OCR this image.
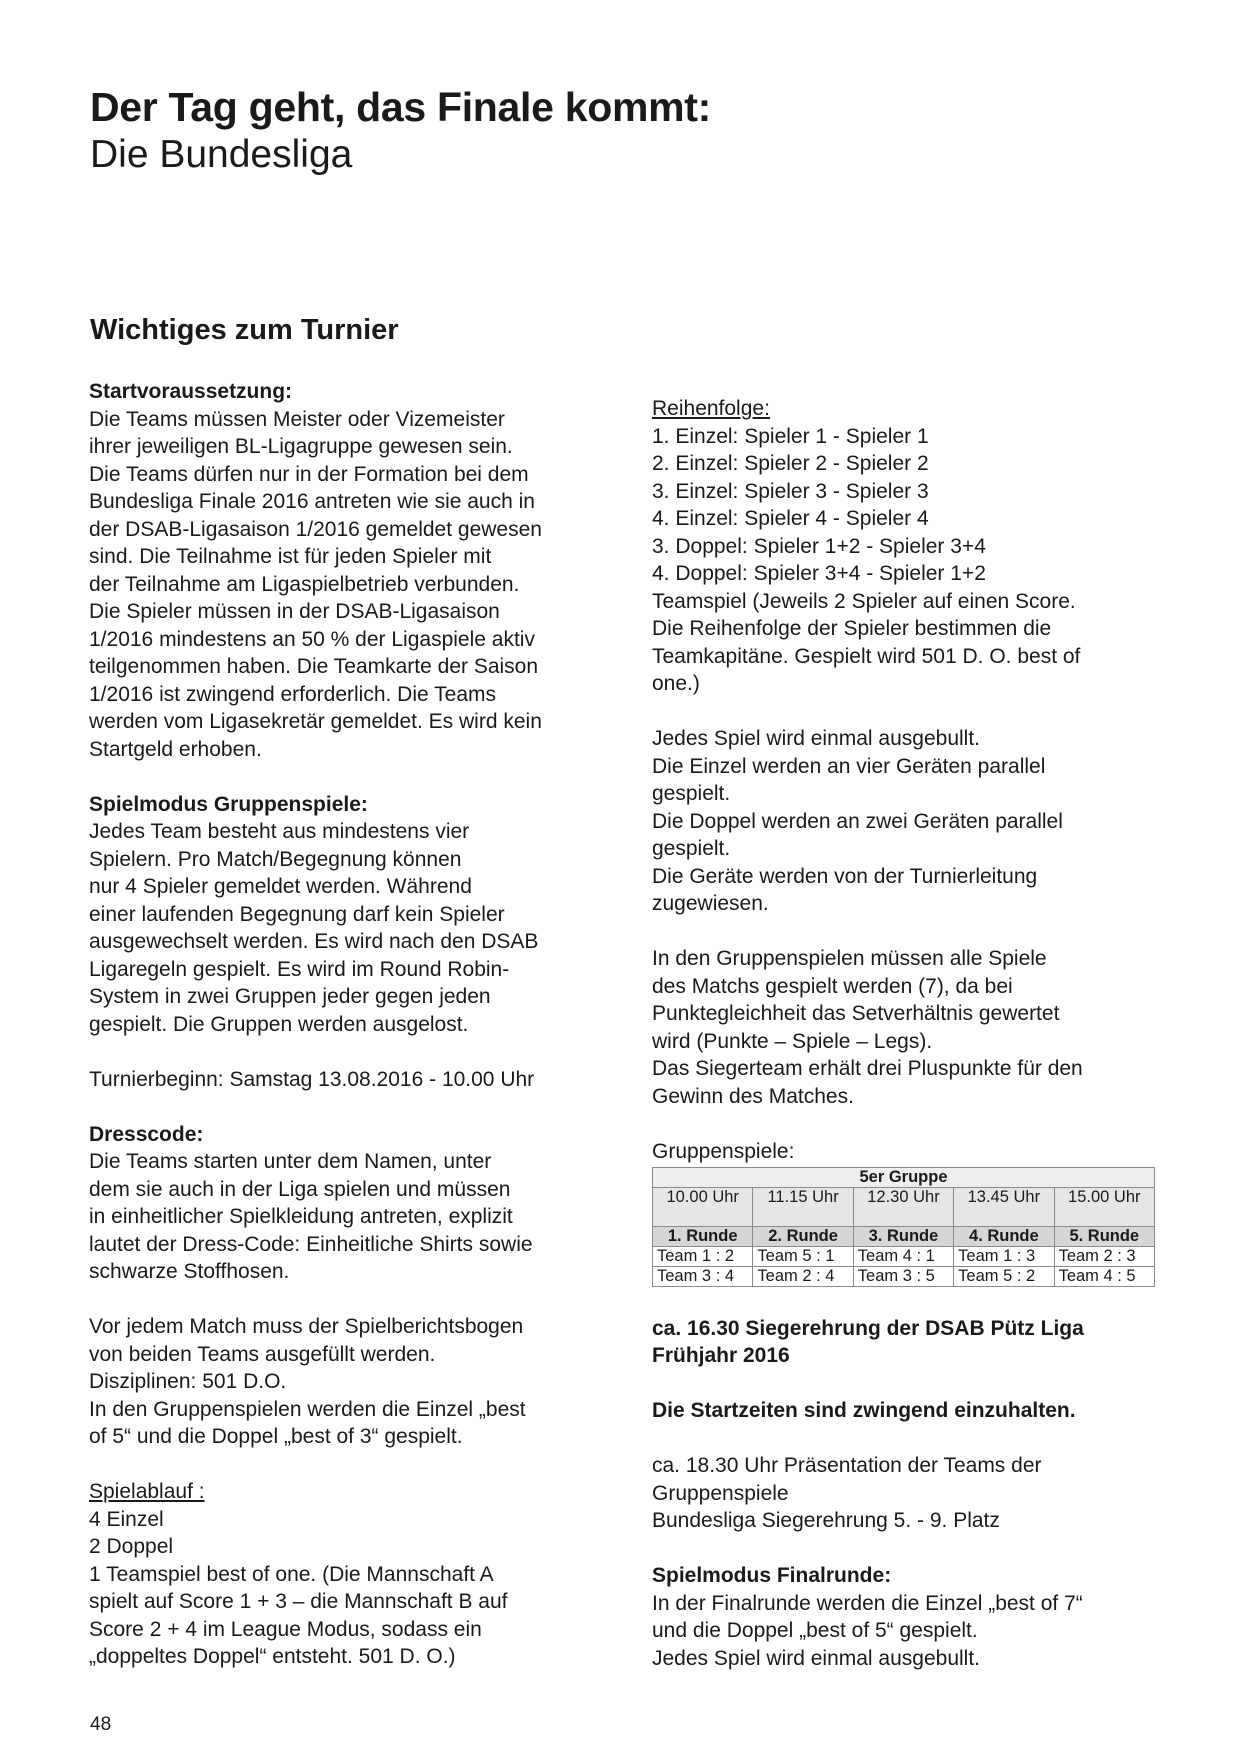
Der Tag geht, das Finale kommt:
Die Bundesliga
Wichtiges zum Turnier
Startvoraussetzung:
Die Teams müssen Meister oder Vizemeister
ihrer jeweiligen BL-Ligagruppe gewesen sein.
Die Teams dürfen nur in der Formation bei dem
Bundesliga Finale 2016 antreten wie sie auch in
der DSAB-Ligasaison 1/2016 gemeldet gewesen
sind. Die Teilnahme ist für jeden Spieler mit
der Teilnahme am Ligaspielbetrieb verbunden.
Die Spieler müssen in der DSAB-Ligasaison
1/2016 mindestens an 50 % der Ligaspiele aktiv
teilgenommen haben. Die Teamkarte der Saison
1/2016 ist zwingend erforderlich. Die Teams
werden vom Ligasekretär gemeldet. Es wird kein
Startgeld erhoben.
Spielmodus Gruppenspiele:
Jedes Team besteht aus mindestens vier
Spielern. Pro Match/Begegnung können
nur 4 Spieler gemeldet werden. Während
einer laufenden Begegnung darf kein Spieler
ausgewechselt werden. Es wird nach den DSAB
Ligaregeln gespielt. Es wird im Round Robin-
System in zwei Gruppen jeder gegen jeden
gespielt. Die Gruppen werden ausgelost.
Turnierbeginn: Samstag 13.08.2016 - 10.00 Uhr
Dresscode:
Die Teams starten unter dem Namen, unter
dem sie auch in der Liga spielen und müssen
in einheitlicher Spielkleidung antreten, explizit
lautet der Dress-Code: Einheitliche Shirts sowie
schwarze Stoffhosen.
Vor jedem Match muss der Spielberichtsbogen
von beiden Teams ausgefüllt werden.
Disziplinen: 501 D.O.
In den Gruppenspielen werden die Einzel „best
of 5“ und die Doppel „best of 3“ gespielt.
Spielablauf :
4 Einzel
2 Doppel
1 Teamspiel best of one. (Die Mannschaft A
spielt auf Score 1 + 3 – die Mannschaft B auf
Score 2 + 4 im League Modus, sodass ein
„doppeltes Doppel“ entsteht. 501 D. O.)
Reihenfolge:
1. Einzel: Spieler 1 - Spieler 1
2. Einzel: Spieler 2 - Spieler 2
3. Einzel: Spieler 3 - Spieler 3
4. Einzel: Spieler 4 - Spieler 4
3. Doppel: Spieler 1+2 - Spieler 3+4
4. Doppel: Spieler 3+4 - Spieler 1+2
Teamspiel (Jeweils 2 Spieler auf einen Score.
Die Reihenfolge der Spieler bestimmen die
Teamkapitäne. Gespielt wird 501 D. O. best of
one.)
Jedes Spiel wird einmal ausgebullt.
Die Einzel werden an vier Geräten parallel
gespielt.
Die Doppel werden an zwei Geräten parallel
gespielt.
Die Geräte werden von der Turnierleitung
zugewiesen.
In den Gruppenspielen müssen alle Spiele
des Matchs gespielt werden (7), da bei
Punktegleichheit das Setverhältnis gewertet
wird (Punkte – Spiele – Legs).
Das Siegerteam erhält drei Pluspunkte für den
Gewinn des Matches.
Gruppenspiele:
5er Gruppe				
10.00 Uhr	11.15 Uhr	12.30 Uhr	13.45 Uhr	15.00 Uhr
1. Runde	2. Runde	3. Runde	4. Runde	5. Runde
Team 1 : 2	Team 5 : 1	Team 4 : 1	Team 1 : 3	Team 2 : 3
Team 3 : 4	Team 2 : 4	Team 3 : 5	Team 5 : 2	Team 4 : 5
ca. 16.30 Siegerehrung der DSAB Pütz Liga
Frühjahr 2016
Die Startzeiten sind zwingend einzuhalten.
ca. 18.30 Uhr Präsentation der Teams der
Gruppenspiele
Bundesliga Siegerehrung 5. - 9. Platz
Spielmodus Finalrunde:
In der Finalrunde werden die Einzel „best of 7“
und die Doppel „best of 5“ gespielt.
Jedes Spiel wird einmal ausgebullt.
48
